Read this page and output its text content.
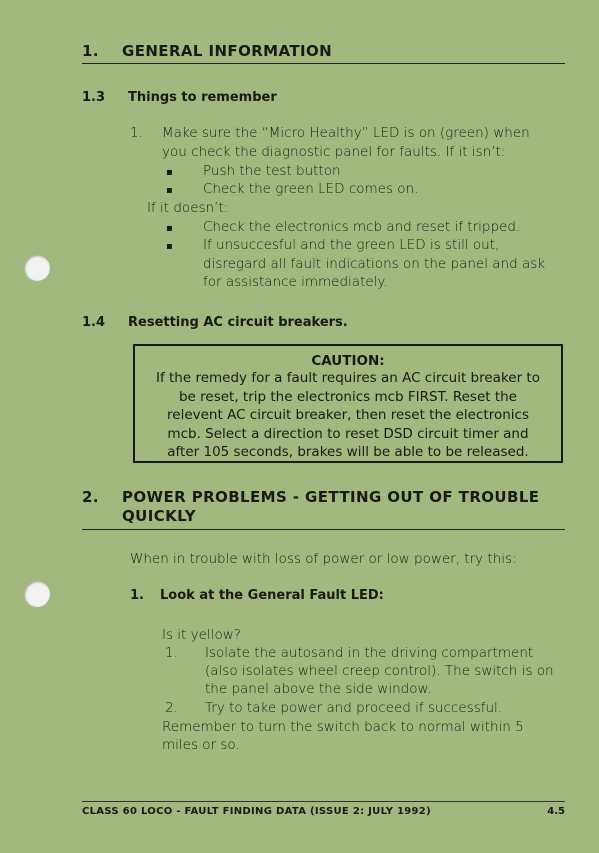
1. GENERAL INFORMATION
1.3 Things to remember
1. Make sure the “Micro Healthy” LED is on (green) when
you check the diagnostic panel for faults. If it isn’t:
▪ Push the test button
▪ Check the green LED comes on.
If it doesn’t:
▪ Check the electronics mcb and reset if tripped.
▪ If unsuccesful and the green LED is still out,
disregard all fault indications on the panel and ask
for assistance immediately.
1.4 Resetting AC circuit breakers.
CAUTION:
If the remedy for a fault requires an AC circuit breaker to
be reset, trip the electronics mcb FIRST. Reset the
relevent AC circuit breaker, then reset the electronics
mcb. Select a direction to reset DSD circuit timer and
after 105 seconds, brakes will be able to be released.
2. POWER PROBLEMS - GETTING OUT OF TROUBLE
QUICKLY
When in trouble with loss of power or low power, try this:
1. Look at the General Fault LED:
Is it yellow?
1. Isolate the autosand in the driving compartment
(also isolates wheel creep control). The switch is on
the panel above the side window.
2. Try to take power and proceed if successful.
Remember to turn the switch back to normal within 5
miles or so.
CLASS 60 LOCO - FAULT FINDING DATA (ISSUE 2: JULY 1992)	4.5
